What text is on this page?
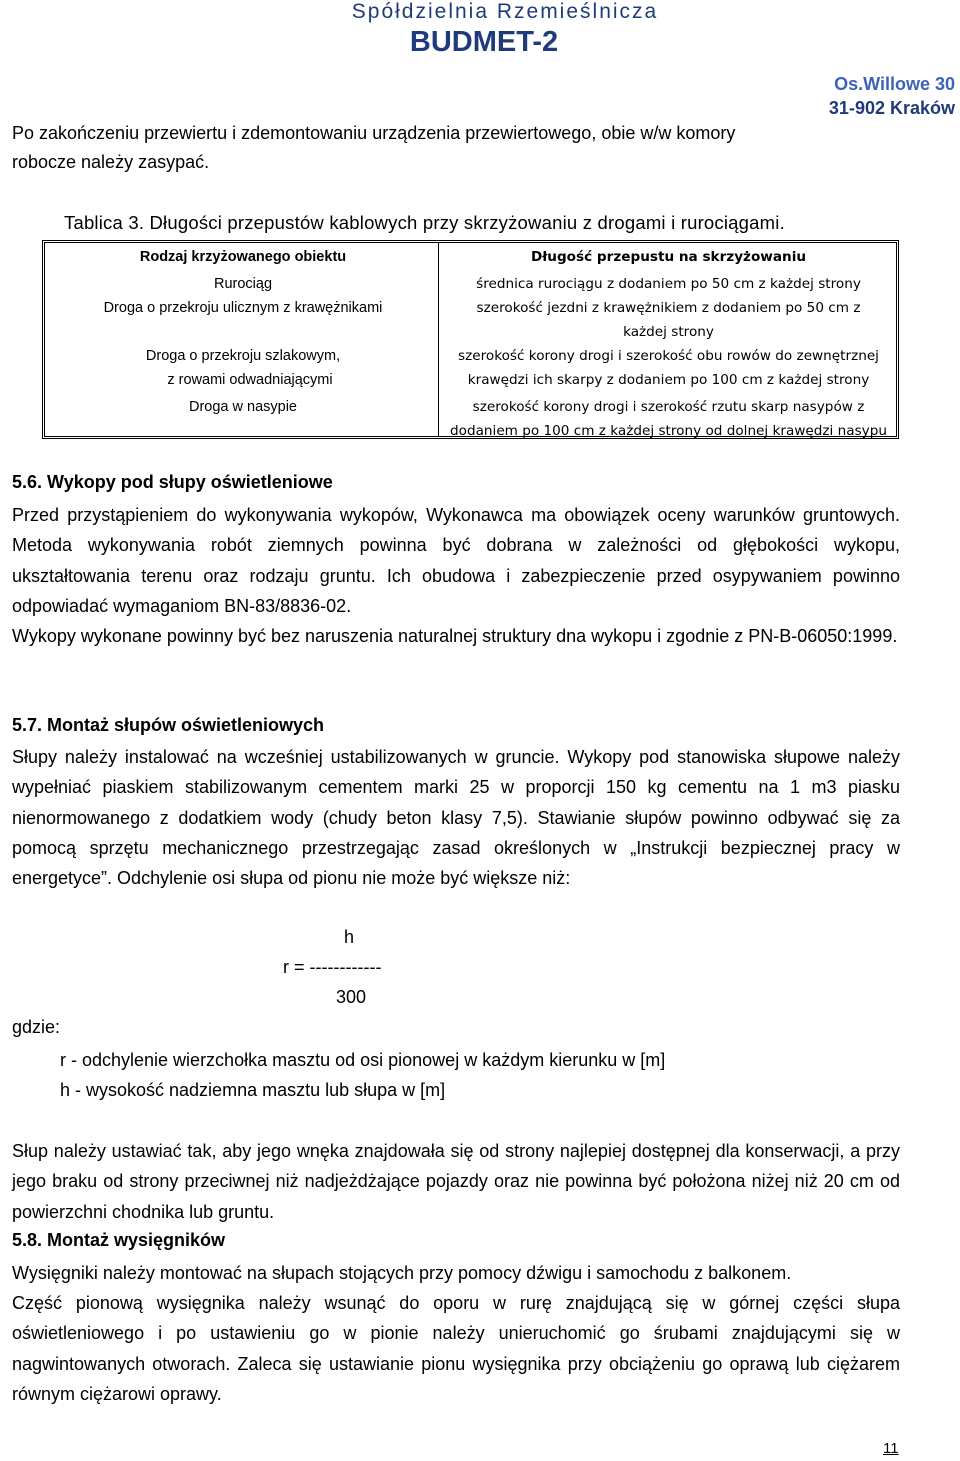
Spółdzielnia Rzemieślnicza
BUDMET-2
Os.Willowe 30
31-902 Kraków
Po zakończeniu przewiertu i zdemontowaniu urządzenia przewiertowego, obie w/w komory robocze należy zasypać.
Tablica 3. Długości przepustów kablowych przy skrzyżowaniu z drogami i rurociągami.
Rodzaj krzyżowanego obiektu
Rurociąg
Droga o przekroju ulicznym z krawężnikami
Droga o przekroju szlakowym,
z rowami odwadniającymi
Droga w nasypie
Długość przepustu na skrzyżowaniu
średnica rurociągu z dodaniem po 50 cm z każdej strony
szerokość jezdni z krawężnikiem z dodaniem po 50 cm z
każdej strony
szerokość korony drogi i szerokość obu rowów do zewnętrznej
krawędzi ich skarpy z dodaniem po 100 cm z każdej strony
szerokość korony drogi i szerokość rzutu skarp nasypów z
dodaniem po 100 cm z każdej strony od dolnej krawędzi nasypu
5.6. Wykopy pod słupy oświetleniowe
Przed przystąpieniem do wykonywania wykopów, Wykonawca ma obowiązek oceny warunków gruntowych. Metoda wykonywania robót ziemnych powinna być dobrana w zależności od głębokości wykopu, ukształtowania terenu oraz rodzaju gruntu. Ich obudowa i zabezpieczenie przed osypywaniem powinno odpowiadać wymaganiom BN-83/8836-02.
Wykopy wykonane powinny być bez naruszenia naturalnej struktury dna wykopu i zgodnie z PN-B-06050:1999.
5.7. Montaż słupów oświetleniowych
Słupy należy instalować na wcześniej ustabilizowanych w gruncie. Wykopy pod stanowiska słupowe należy wypełniać piaskiem stabilizowanym cementem marki 25 w proporcji 150 kg cementu na 1 m3 piasku nienormowanego z dodatkiem wody (chudy beton klasy 7,5). Stawianie słupów powinno odbywać się za pomocą sprzętu mechanicznego przestrzegając zasad określonych w „Instrukcji bezpiecznej pracy w energetyce”. Odchylenie osi słupa od pionu nie może być większe niż:
h
r = ------------
300
gdzie:
r - odchylenie wierzchołka masztu od osi pionowej w każdym kierunku w [m]
h - wysokość nadziemna masztu lub słupa w [m]
Słup należy ustawiać tak, aby jego wnęka znajdowała się od strony najlepiej dostępnej dla konserwacji, a przy jego braku od strony przeciwnej niż nadjeżdżające pojazdy oraz nie powinna być położona niżej niż 20 cm od powierzchni chodnika lub gruntu.
5.8. Montaż wysięgników
Wysięgniki należy montować na słupach stojących przy pomocy dźwigu i samochodu z balkonem.
Część pionową wysięgnika należy wsunąć do oporu w rurę znajdującą się w górnej części słupa oświetleniowego i po ustawieniu go w pionie należy unieruchomić go śrubami znajdującymi się w nagwintowanych otworach. Zaleca się ustawianie pionu wysięgnika przy obciążeniu go oprawą lub ciężarem równym ciężarowi oprawy.
11
